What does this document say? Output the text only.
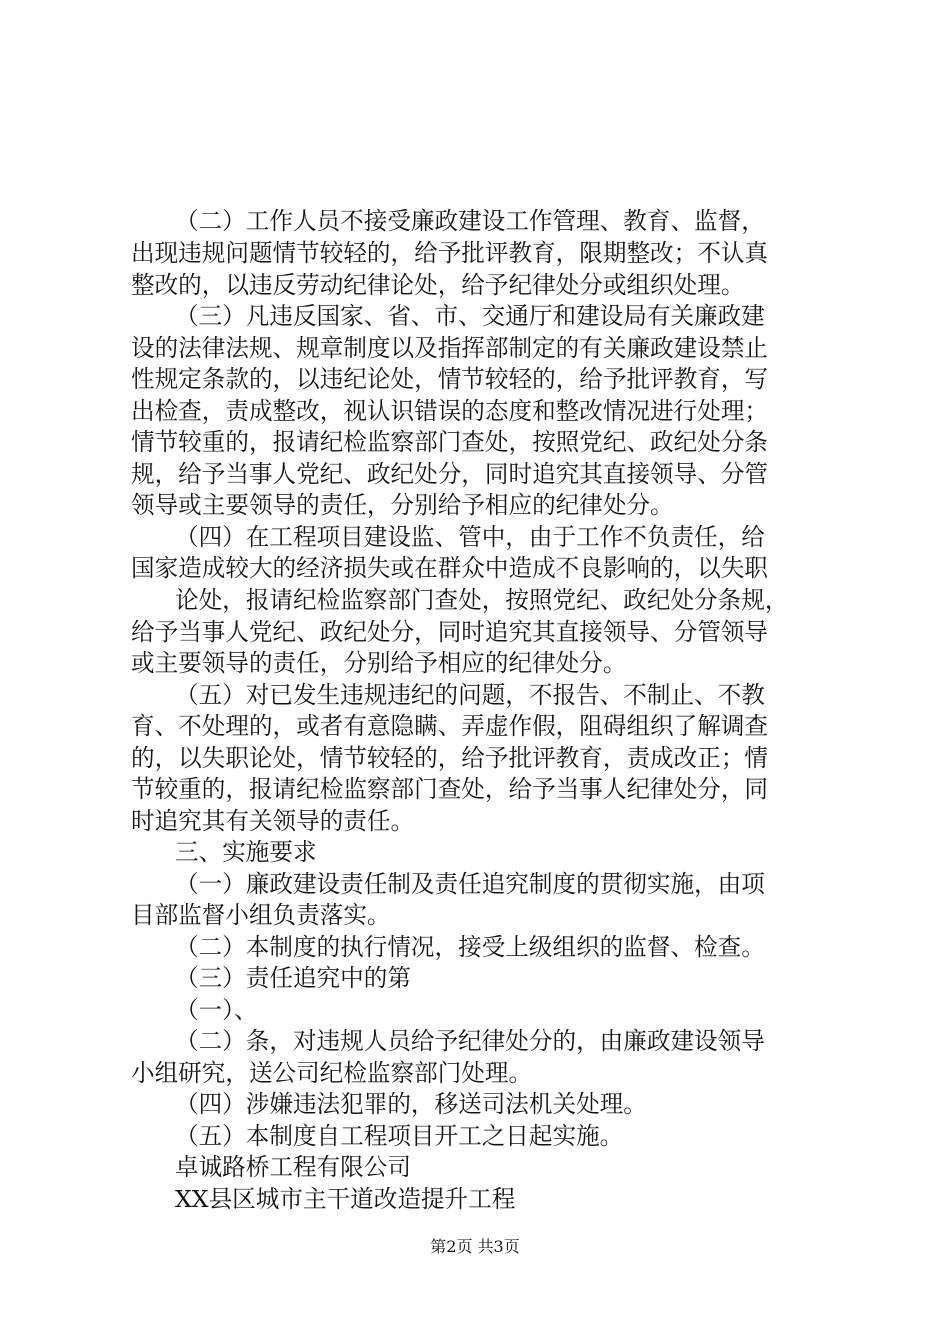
（二）工作人员不接受廉政建设工作管理、教育、监督，
出现违规问题情节较轻的，给予批评教育，限期整改；不认真
整改的，以违反劳动纪律论处，给予纪律处分或组织处理。
（三）凡违反国家、省、市、交通厅和建设局有关廉政建
设的法律法规、规章制度以及指挥部制定的有关廉政建设禁止
性规定条款的，以违纪论处，情节较轻的，给予批评教育，写
出检查，责成整改，视认识错误的态度和整改情况进行处理；
情节较重的，报请纪检监察部门查处，按照党纪、政纪处分条
规，给予当事人党纪、政纪处分，同时追究其直接领导、分管
领导或主要领导的责任，分别给予相应的纪律处分。
（四）在工程项目建设监、管中，由于工作不负责任，给
国家造成较大的经济损失或在群众中造成不良影响的，以失职
论处，报请纪检监察部门查处，按照党纪、政纪处分条规，
给予当事人党纪、政纪处分，同时追究其直接领导、分管领导
或主要领导的责任，分别给予相应的纪律处分。
（五）对已发生违规违纪的问题，不报告、不制止、不教
育、不处理的，或者有意隐瞒、弄虚作假，阻碍组织了解调查
的，以失职论处，情节较轻的，给予批评教育，责成改正；情
节较重的，报请纪检监察部门查处，给予当事人纪律处分，同
时追究其有关领导的责任。
三、实施要求
（一）廉政建设责任制及责任追究制度的贯彻实施，由项
目部监督小组负责落实。
（二）本制度的执行情况，接受上级组织的监督、检查。
（三）责任追究中的第
（一）、
（二）条，对违规人员给予纪律处分的，由廉政建设领导
小组研究，送公司纪检监察部门处理。
（四）涉嫌违法犯罪的，移送司法机关处理。
（五）本制度自工程项目开工之日起实施。
卓诚路桥工程有限公司
XX县区城市主干道改造提升工程
第2页 共3页
